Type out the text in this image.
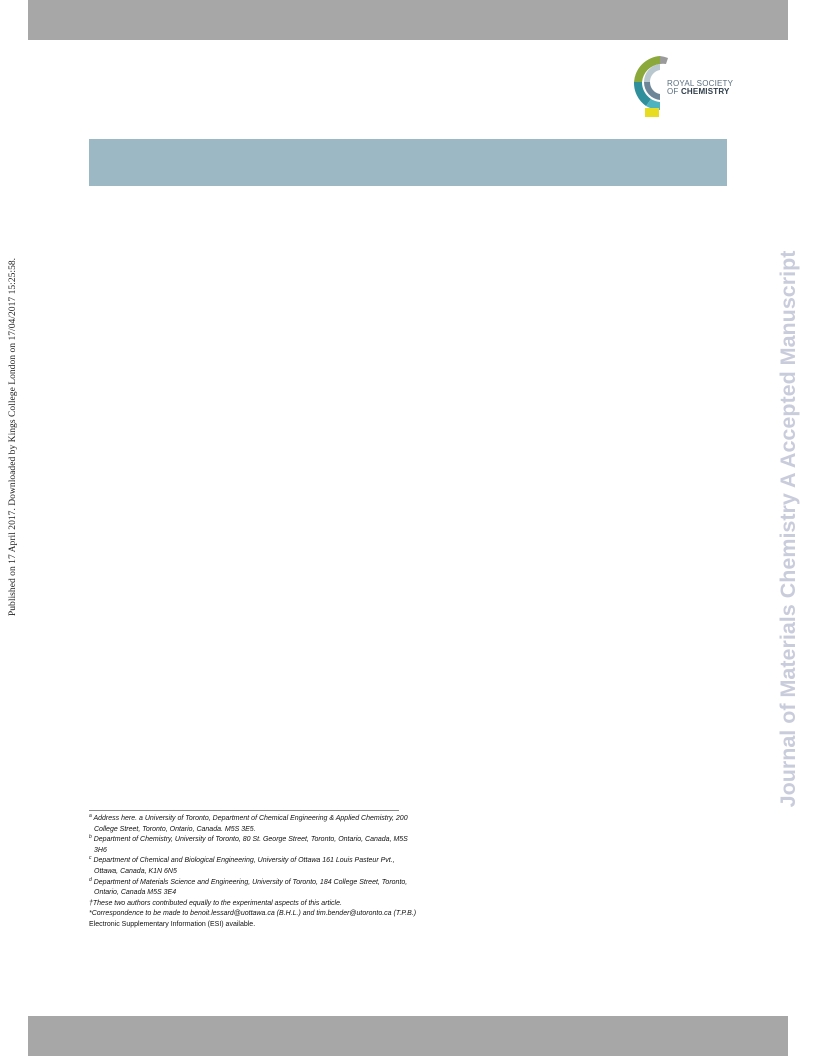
ROYAL SOCIETY
OF CHEMISTRY
Published on 17 April 2017. Downloaded by Kings College London on 17/04/2017 15:25:58.	Journal of Materials Chemistry A Accepted Manuscript

$^a$ Address here. a University of Toronto, Department of Chemical Engineering & Applied Chemistry, 200 College Street, Toronto, Ontario, Canada. M5S 3E5.

$^b$ Department of Chemistry, University of Toronto, 80 St. George Street, Toronto, Ontario, Canada, M5S 3H6

$^c$ Department of Chemical and Biological Engineering, University of Ottawa 161 Louis Pasteur Pvt., Ottawa, Canada, K1N 6N5

$^d$ Department of Materials Science and Engineering, University of Toronto, 184 College Street, Toronto, Ontario, Canada M5S 3E4

†These two authors contributed equally to the experimental aspects of this article.

*Correspondence to be made to benoit.lessard@uottawa.ca (B.H.L.) and tim.bender@utoronto.ca (T.P.B.)

Electronic Supplementary Information (ESI) available.
